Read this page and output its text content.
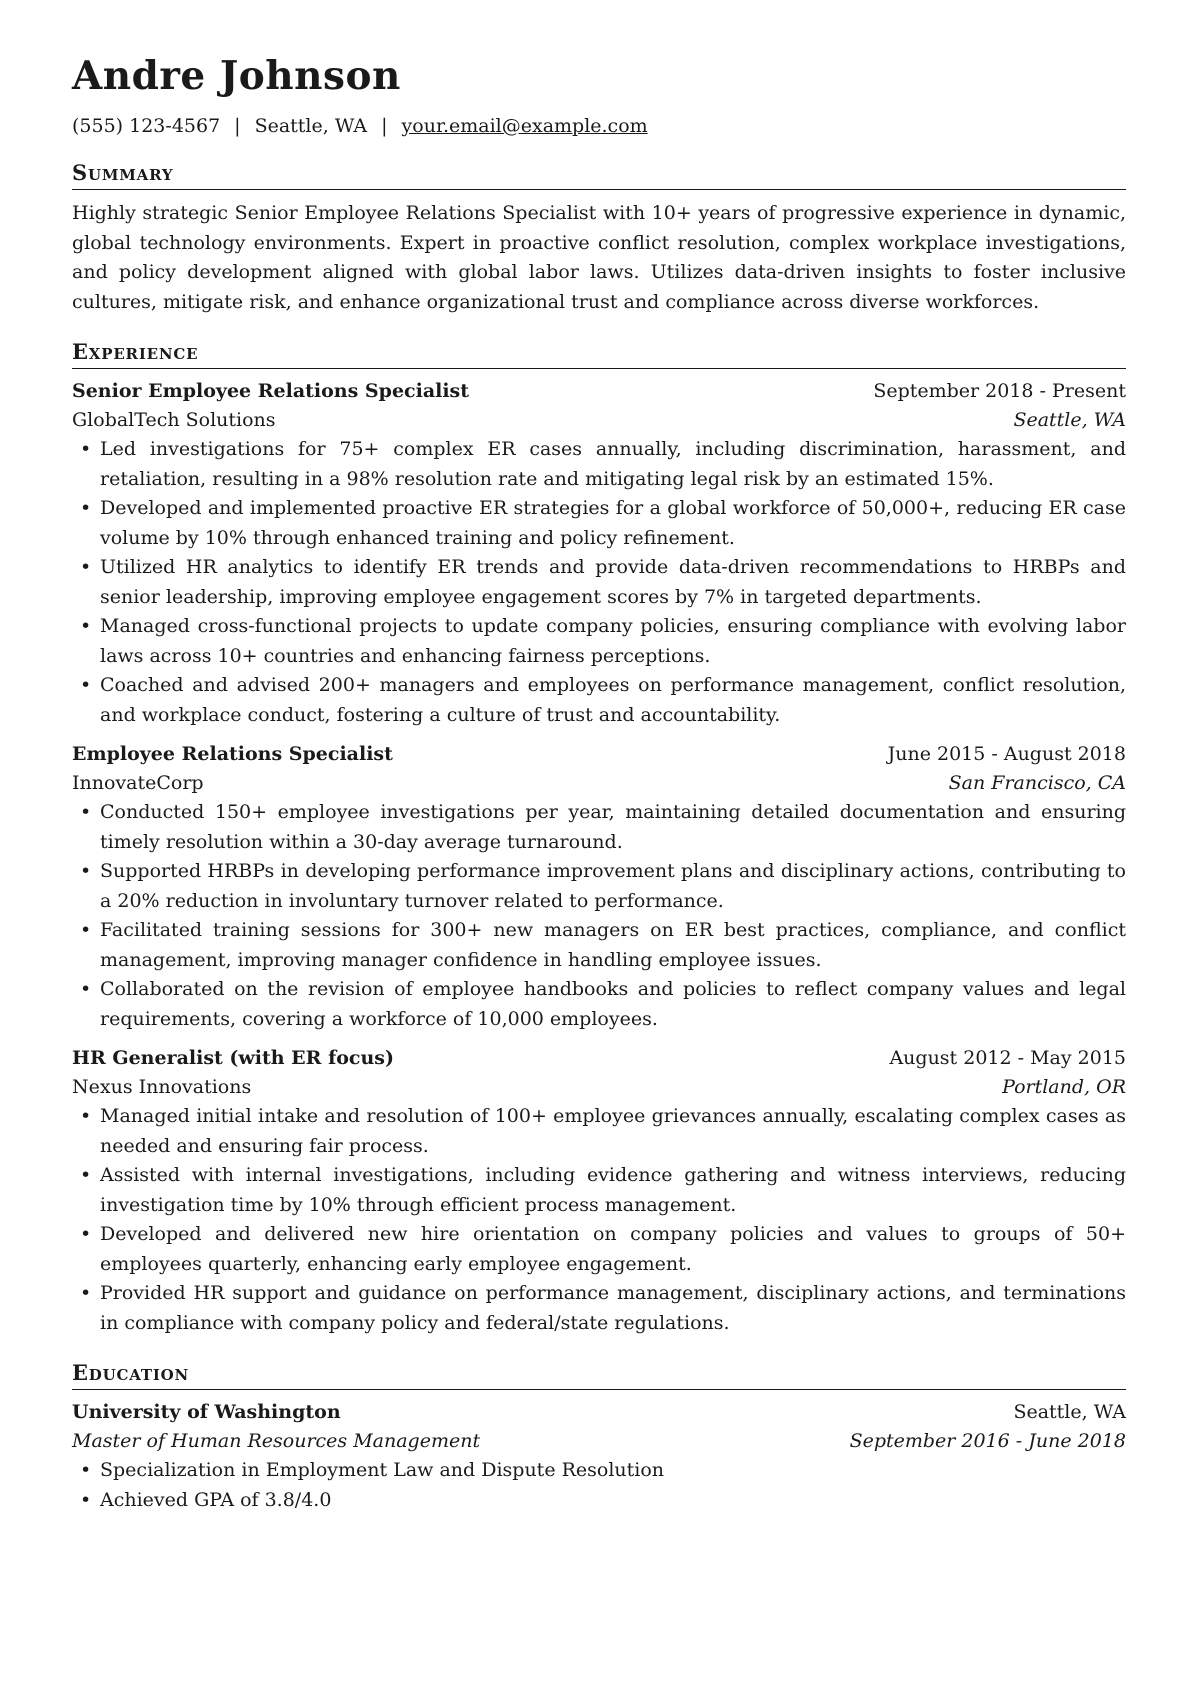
Andre Johnson
(555) 123-4567 | Seattle, WA | your.email@example.com
Summary
Highly strategic Senior Employee Relations Specialist with 10+ years of progressive experience in dynamic, global technology environments. Expert in proactive conflict resolution, complex workplace investigations, and policy development aligned with global labor laws. Utilizes data-driven insights to foster inclusive cultures, mitigate risk, and enhance organizational trust and compliance across diverse workforces.
Experience
Senior Employee Relations Specialist	September 2018 - Present
GlobalTech Solutions	Seattle, WA
• Led investigations for 75+ complex ER cases annually, including discrimination, harassment, and retaliation, resulting in a 98% resolution rate and mitigating legal risk by an estimated 15%.
• Developed and implemented proactive ER strategies for a global workforce of 50,000+, reducing ER case volume by 10% through enhanced training and policy refinement.
• Utilized HR analytics to identify ER trends and provide data-driven recommendations to HRBPs and senior leadership, improving employee engagement scores by 7% in targeted departments.
• Managed cross-functional projects to update company policies, ensuring compliance with evolving labor laws across 10+ countries and enhancing fairness perceptions.
• Coached and advised 200+ managers and employees on performance management, conflict resolution, and workplace conduct, fostering a culture of trust and accountability.
Employee Relations Specialist	June 2015 - August 2018
InnovateCorp	San Francisco, CA
• Conducted 150+ employee investigations per year, maintaining detailed documentation and ensuring timely resolution within a 30-day average turnaround.
• Supported HRBPs in developing performance improvement plans and disciplinary actions, contributing to a 20% reduction in involuntary turnover related to performance.
• Facilitated training sessions for 300+ new managers on ER best practices, compliance, and conflict management, improving manager confidence in handling employee issues.
• Collaborated on the revision of employee handbooks and policies to reflect company values and legal requirements, covering a workforce of 10,000 employees.
HR Generalist (with ER focus)	August 2012 - May 2015
Nexus Innovations	Portland, OR
• Managed initial intake and resolution of 100+ employee grievances annually, escalating complex cases as needed and ensuring fair process.
• Assisted with internal investigations, including evidence gathering and witness interviews, reducing investigation time by 10% through efficient process management.
• Developed and delivered new hire orientation on company policies and values to groups of 50+ employees quarterly, enhancing early employee engagement.
• Provided HR support and guidance on performance management, disciplinary actions, and terminations in compliance with company policy and federal/state regulations.
Education
University of Washington	Seattle, WA
Master of Human Resources Management	September 2016 - June 2018
• Specialization in Employment Law and Dispute Resolution
• Achieved GPA of 3.8/4.0
